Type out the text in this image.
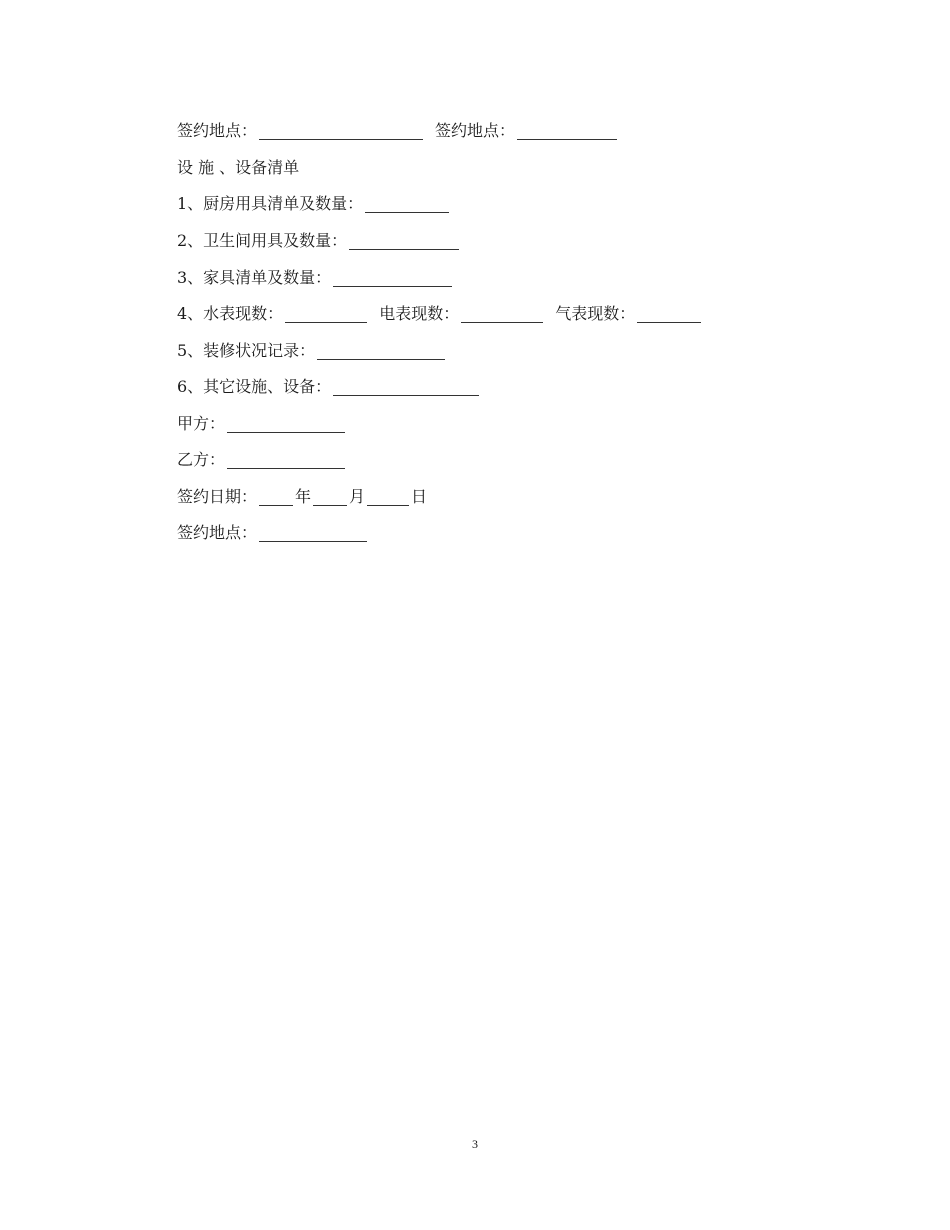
签约地点：	签约地点：
设 施 、设备清单
1、厨房用具清单及数量：
2、卫生间用具及数量：
3、家具清单及数量：
4、水表现数：	电表现数：	气表现数：
5、装修状况记录：
6、其它设施、设备：
甲方：
乙方：
签约日期： 年 月	日
签约地点：
3
